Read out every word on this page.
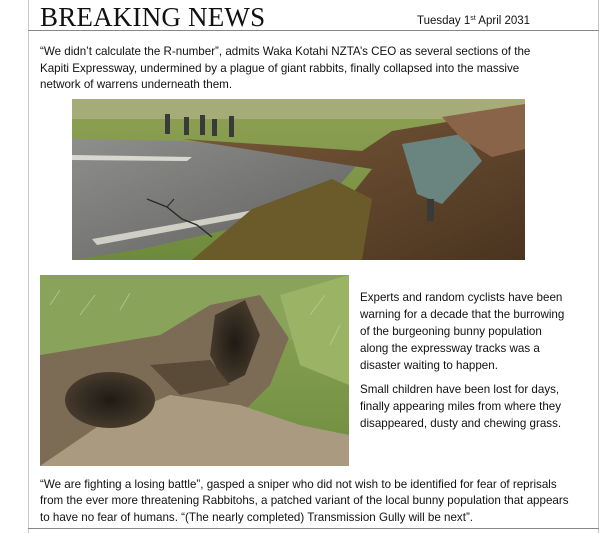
BREAKING NEWS	Tuesday 1st April 2031

“We didn’t calculate the R-number”, admits Waka Kotahi NZTA’s CEO as several sections of the Kapiti Expressway, undermined by a plague of giant rabbits, finally collapsed into the massive network of warrens underneath them.

Experts and random cyclists have been warning for a decade that the burrowing of the burgeoning bunny population along the expressway tracks was a disaster waiting to happen.

Small children have been lost for days, finally appearing miles from where they disappeared, dusty and chewing grass.

“We are fighting a losing battle”, gasped a sniper who did not wish to be identified for fear of reprisals from the ever more threatening Rabbitohs, a patched variant of the local bunny population that appears to have no fear of humans. “(The nearly completed) Transmission Gully will be next”.
